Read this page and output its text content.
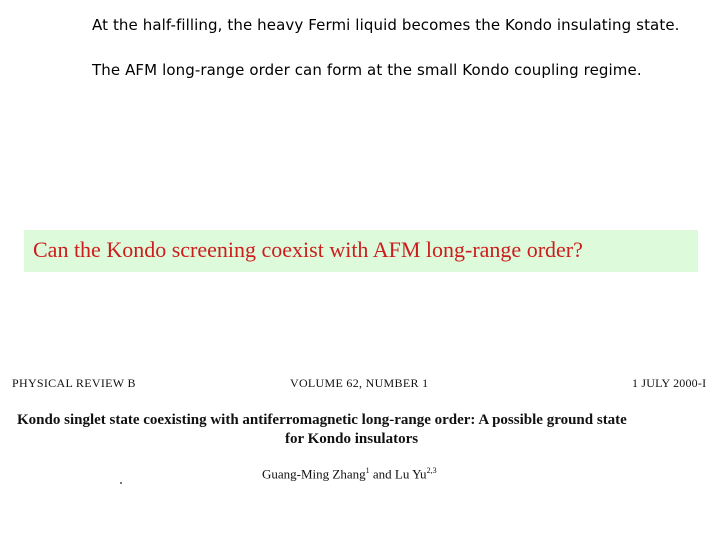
At the half-filling, the heavy Fermi liquid becomes the Kondo insulating state.
The AFM long-range order can form at the small Kondo coupling regime.
Can the Kondo screening coexist with AFM long-range order?
PHYSICAL REVIEW B	VOLUME 62, NUMBER 1	1 JULY 2000-I
Kondo singlet state coexisting with antiferromagnetic long-range order: A possible ground state
for Kondo insulators
Guang-Ming Zhang$^1$ and Lu Yu$^{2,3}$
